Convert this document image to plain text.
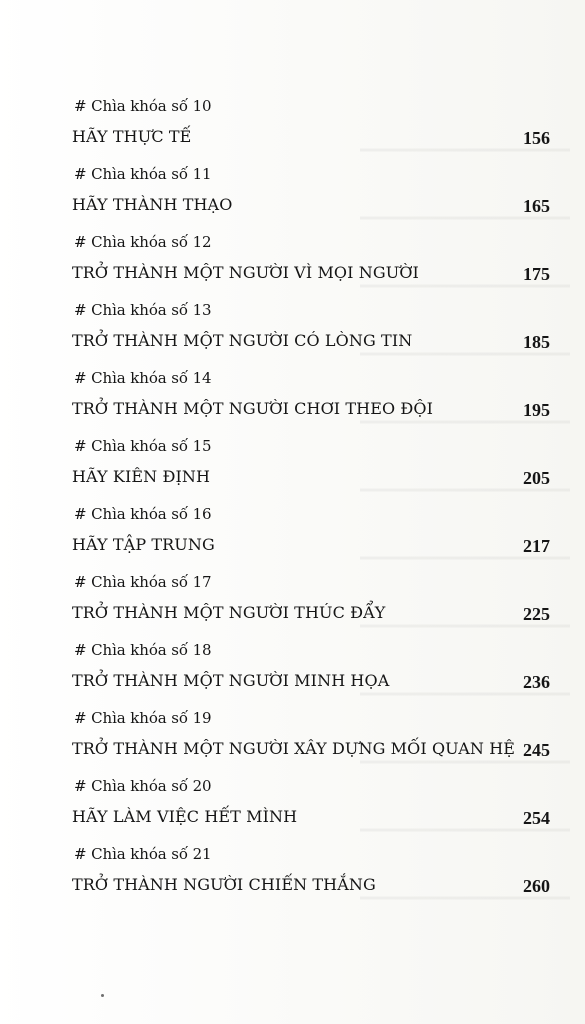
# Chìa khóa số 10
HÃY THỰC TẾ	156
# Chìa khóa số 11
HÃY THÀNH THẠO	165
# Chìa khóa số 12
TRỞ THÀNH MỘT NGƯỜI VÌ MỌI NGƯỜI	175
# Chìa khóa số 13
TRỞ THÀNH MỘT NGƯỜI CÓ LÒNG TIN	185
# Chìa khóa số 14
TRỞ THÀNH MỘT NGƯỜI CHƠI THEO ĐỘI	195
# Chìa khóa số 15
HÃY KIÊN ĐỊNH	205
# Chìa khóa số 16
HÃY TẬP TRUNG	217
# Chìa khóa số 17
TRỞ THÀNH MỘT NGƯỜI THÚC ĐẨY	225
# Chìa khóa số 18
TRỞ THÀNH MỘT NGƯỜI MINH HỌA	236
# Chìa khóa số 19
TRỞ THÀNH MỘT NGƯỜI XÂY DỰNG MỐI QUAN HỆ 245
# Chìa khóa số 20
HÃY LÀM VIỆC HẾT MÌNH	254
# Chìa khóa số 21
TRỞ THÀNH NGƯỜI CHIẾN THẮNG	260
